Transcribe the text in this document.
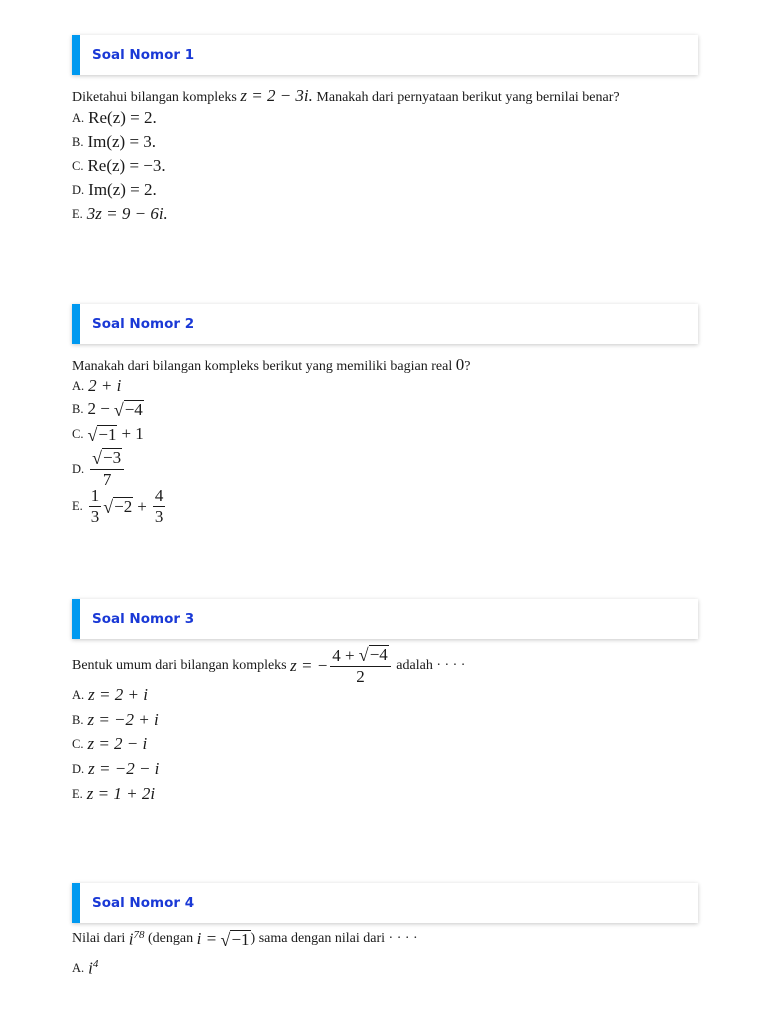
Soal Nomor 1
Diketahui bilangan kompleks z = 2 − 3i. Manakah dari pernyataan berikut yang bernilai benar?
A. Re(z) = 2.
B. Im(z) = 3.
C. Re(z) = −3.
D. Im(z) = 2.
E. 3z = 9 − 6i.
Soal Nomor 2
Manakah dari bilangan kompleks berikut yang memiliki bagian real 0?
A. 2 + i
B. 2 −
√ −4
C. √ −1
+ 1
D. $\frac{√ -3}{7}$
E. $\frac{1}{3}$ √ −2
+
$\frac{4}{3}$
Soal Nomor 3
Bentuk umum dari bilangan kompleks
z = − $\frac{4 + √ -4}{2}$
adalah · · · ·
A. z = 2 + i
B. z = −2 + i
C. z = 2 − i
D. z = −2 − i
E. z = 1 + 2i
Soal Nomor 4
Nilai dari
$i^{78}$
(dengan
i =
√ −1 ) sama dengan nilai dari · · · ·
A. $i^4$
